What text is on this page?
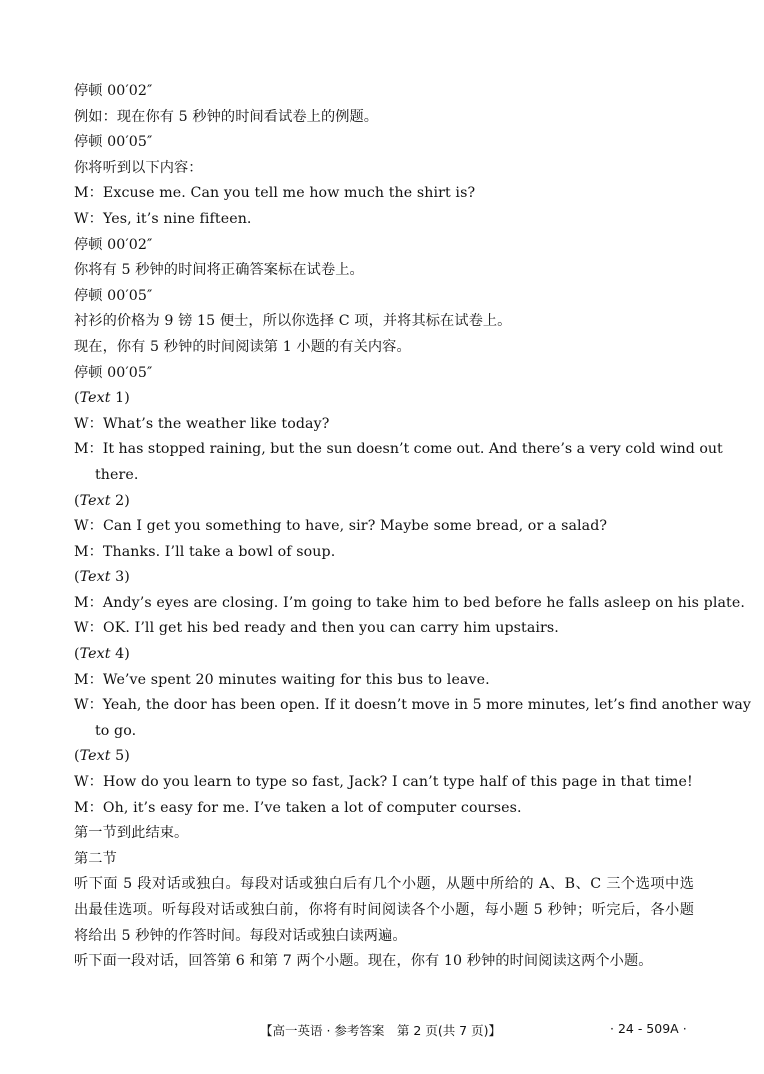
停顿 00′02″
例如：现在你有 5 秒钟的时间看试卷上的例题。
停顿 00′05″
你将听到以下内容：
M：Excuse me. Can you tell me how much the shirt is?
W：Yes, it’s nine fifteen.
停顿 00′02″
你将有 5 秒钟的时间将正确答案标在试卷上。
停顿 00′05″
衬衫的价格为 9 镑 15 便士，所以你选择 C 项，并将其标在试卷上。
现在，你有 5 秒钟的时间阅读第 1 小题的有关内容。
停顿 00′05″
(Text 1)
W：What’s the weather like today?
M：It has stopped raining, but the sun doesn’t come out. And there’s a very cold wind out
there.
(Text 2)
W：Can I get you something to have, sir? Maybe some bread, or a salad?
M：Thanks. I’ll take a bowl of soup.
(Text 3)
M：Andy’s eyes are closing. I’m going to take him to bed before he falls asleep on his plate.
W：OK. I’ll get his bed ready and then you can carry him upstairs.
(Text 4)
M：We’ve spent 20 minutes waiting for this bus to leave.
W：Yeah, the door has been open. If it doesn’t move in 5 more minutes, let’s find another way
to go.
(Text 5)
W：How do you learn to type so fast, Jack? I can’t type half of this page in that time!
M：Oh, it’s easy for me. I’ve taken a lot of computer courses.
第一节到此结束。
第二节
听下面 5 段对话或独白。每段对话或独白后有几个小题，从题中所给的 A、B、C 三个选项中选
出最佳选项。听每段对话或独白前，你将有时间阅读各个小题，每小题 5 秒钟；听完后，各小题
将给出 5 秒钟的作答时间。每段对话或独白读两遍。
听下面一段对话，回答第 6 和第 7 两个小题。现在，你有 10 秒钟的时间阅读这两个小题。
【高一英语 · 参考答案　第 2 页(共 7 页)】	· 24 - 509A ·
